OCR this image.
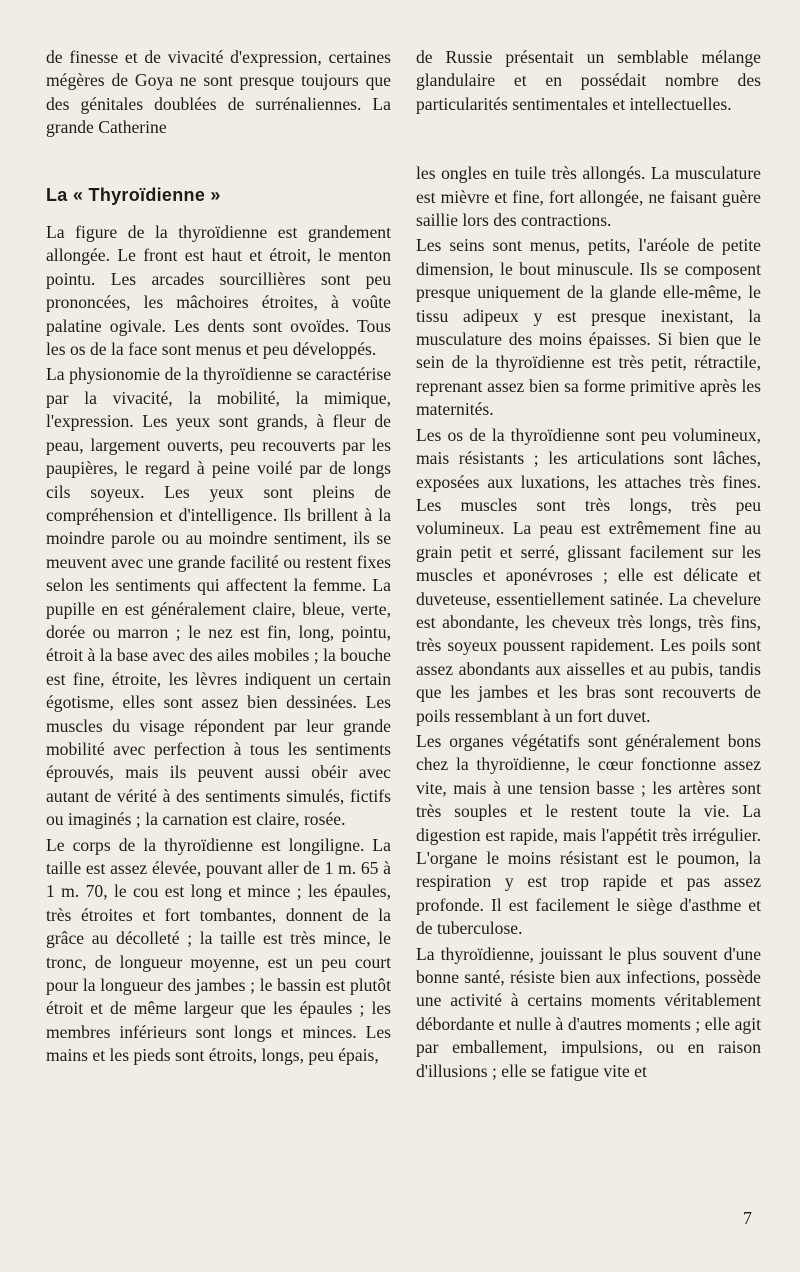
de finesse et de vivacité d'expression, certaines mégères de Goya ne sont presque toujours que des génitales doublées de surrénaliennes. La grande Catherine

La « Thyroïdienne »

La figure de la thyroïdienne est grandement allongée. Le front est haut et étroit, le menton pointu. Les arcades sourcillières sont peu prononcées, les mâchoires étroites, à voûte palatine ogivale. Les dents sont ovoïdes. Tous les os de la face sont menus et peu développés.

La physionomie de la thyroïdienne se caractérise par la vivacité, la mobilité, la mimique, l'expression. Les yeux sont grands, à fleur de peau, largement ouverts, peu recouverts par les paupières, le regard à peine voilé par de longs cils soyeux. Les yeux sont pleins de compréhension et d'intelligence. Ils brillent à la moindre parole ou au moindre sentiment, ils se meuvent avec une grande facilité ou restent fixes selon les sentiments qui affectent la femme. La pupille en est généralement claire, bleue, verte, dorée ou marron ; le nez est fin, long, pointu, étroit à la base avec des ailes mobiles ; la bouche est fine, étroite, les lèvres indiquent un certain égotisme, elles sont assez bien dessinées. Les muscles du visage répondent par leur grande mobilité avec perfection à tous les sentiments éprouvés, mais ils peuvent aussi obéir avec autant de vérité à des sentiments simulés, fictifs ou imaginés ; la carnation est claire, rosée.

Le corps de la thyroïdienne est longiligne. La taille est assez élevée, pouvant aller de 1 m. 65 à 1 m. 70, le cou est long et mince ; les épaules, très étroites et fort tombantes, donnent de la grâce au décolleté ; la taille est très mince, le tronc, de longueur moyenne, est un peu court pour la longueur des jambes ; le bassin est plutôt étroit et de même largeur que les épaules ; les membres inférieurs sont longs et minces. Les mains et les pieds sont étroits, longs, peu épais,

de Russie présentait un semblable mélange glandulaire et en possédait nombre des particularités sentimentales et intellectuelles.

les ongles en tuile très allongés. La musculature est mièvre et fine, fort allongée, ne faisant guère saillie lors des contractions.

Les seins sont menus, petits, l'aréole de petite dimension, le bout minuscule. Ils se composent presque uniquement de la glande elle-même, le tissu adipeux y est presque inexistant, la musculature des moins épaisses. Si bien que le sein de la thyroïdienne est très petit, rétractile, reprenant assez bien sa forme primitive après les maternités.

Les os de la thyroïdienne sont peu volumineux, mais résistants ; les articulations sont lâches, exposées aux luxations, les attaches très fines. Les muscles sont très longs, très peu volumineux. La peau est extrêmement fine au grain petit et serré, glissant facilement sur les muscles et aponévroses ; elle est délicate et duveteuse, essentiellement satinée. La chevelure est abondante, les cheveux très longs, très fins, très soyeux poussent rapidement. Les poils sont assez abondants aux aisselles et au pubis, tandis que les jambes et les bras sont recouverts de poils ressemblant à un fort duvet.

Les organes végétatifs sont généralement bons chez la thyroïdienne, le cœur fonctionne assez vite, mais à une tension basse ; les artères sont très souples et le restent toute la vie. La digestion est rapide, mais l'appétit très irrégulier. L'organe le moins résistant est le poumon, la respiration y est trop rapide et pas assez profonde. Il est facilement le siège d'asthme et de tuberculose.

La thyroïdienne, jouissant le plus souvent d'une bonne santé, résiste bien aux infections, possède une activité à certains moments véritablement débordante et nulle à d'autres moments ; elle agit par emballement, impulsions, ou en raison d'illusions ; elle se fatigue vite et

7
